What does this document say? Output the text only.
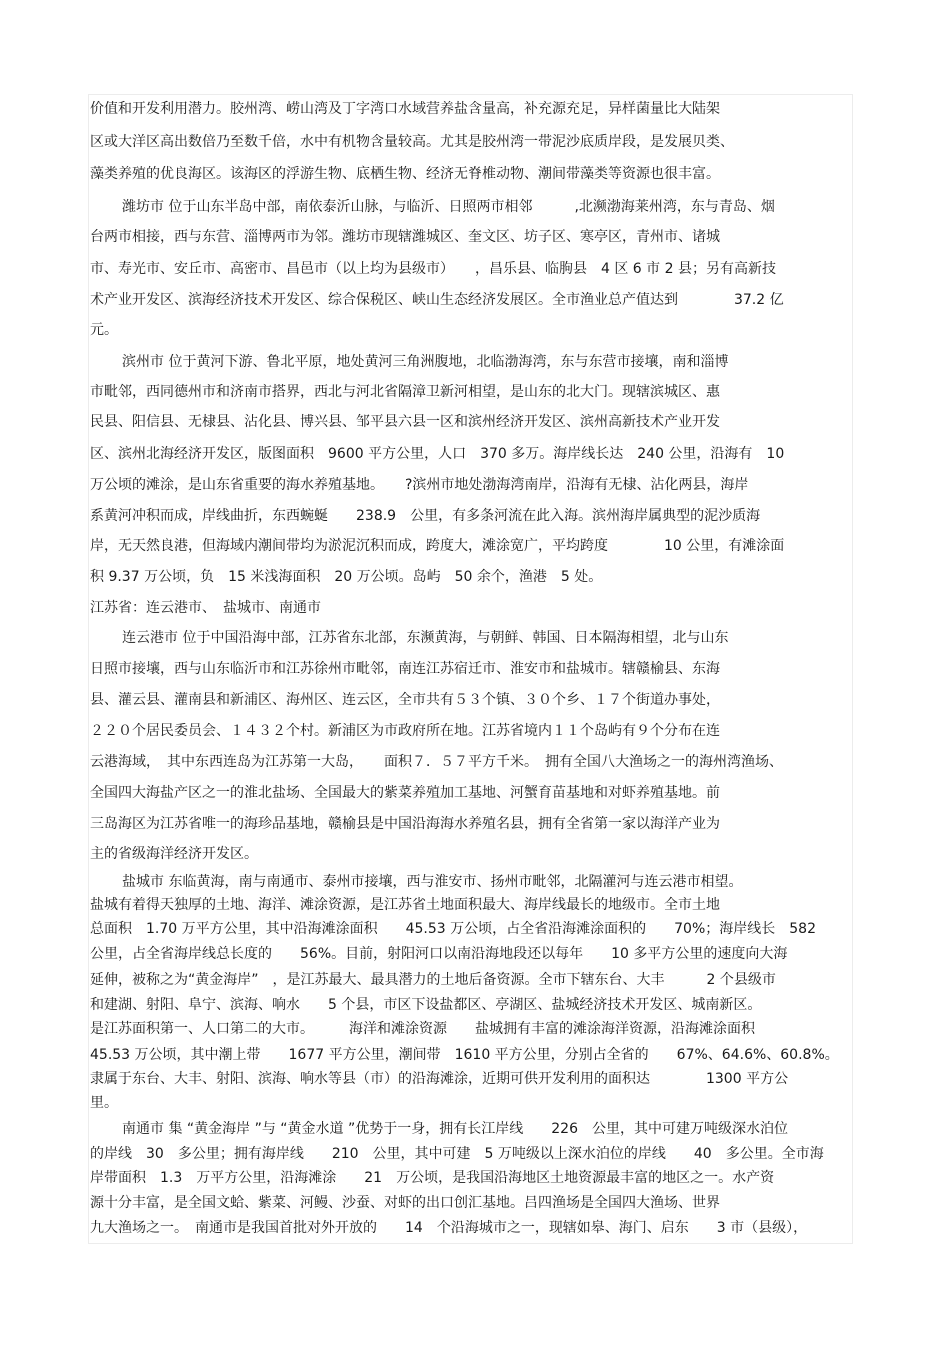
价值和开发利用潜力。胶州湾、崂山湾及丁字湾口水域营养盐含量高，补充源充足，异样菌量比大陆架
区或大洋区高出数倍乃至数千倍，水中有机物含量较高。尤其是胶州湾一带泥沙底质岸段，是发展贝类、
藻类养殖的优良海区。该海区的浮游生物、底栖生物、经济无脊椎动物、潮间带藻类等资源也很丰富。
潍坊市 位于山东半岛中部，南依泰沂山脉，与临沂、日照两市相邻　　　,北濒渤海莱州湾，东与青岛、烟
台两市相接，西与东营、淄博两市为邻。潍坊市现辖潍城区、奎文区、坊子区、寒亭区，青州市、诸城
市、寿光市、安丘市、高密市、昌邑市（以上均为县级市）　　，昌乐县、临朐县　4 区 6 市 2 县；另有高新技
术产业开发区、滨海经济技术开发区、综合保税区、峡山生态经济发展区。全市渔业总产值达到　　　　37.2 亿
元。
滨州市 位于黄河下游、鲁北平原，地处黄河三角洲腹地，北临渤海湾，东与东营市接壤，南和淄博
市毗邻，西同德州市和济南市搭界，西北与河北省隔漳卫新河相望，是山东的北大门。现辖滨城区、惠
民县、阳信县、无棣县、沾化县、博兴县、邹平县六县一区和滨州经济开发区、滨州高新技术产业开发
区、滨州北海经济开发区，版图面积　9600 平方公里，人口　370 多万。海岸线长达　240 公里，沿海有　10
万公顷的滩涂，是山东省重要的海水养殖基地。　　?滨州市地处渤海湾南岸，沿海有无棣、沾化两县，海岸
系黄河冲积而成，岸线曲折，东西蜿蜒　　238.9　公里，有多条河流在此入海。滨州海岸属典型的泥沙质海
岸，无天然良港，但海域内潮间带均为淤泥沉积而成，跨度大，滩涂宽广，平均跨度　　　　10 公里，有滩涂面
积 9.37 万公顷，负　15 米浅海面积　20 万公顷。岛屿　50 余个，渔港　5 处。
江苏省：连云港市、　盐城市、南通市
连云港市 位于中国沿海中部，江苏省东北部，东濒黄海，与朝鲜、韩国、日本隔海相望，北与山东
日照市接壤，西与山东临沂市和江苏徐州市毗邻，南连江苏宿迁市、淮安市和盐城市。辖赣榆县、东海
县、灌云县、灌南县和新浦区、海州区、连云区，全市共有５３个镇、３０个乡、１７个街道办事处，
２２０个居民委员会、１４３２个村。新浦区为市政府所在地。江苏省境内１１个岛屿有９个分布在连
云港海域，　其中东西连岛为江苏第一大岛，　　面积７．５７平方千米。　拥有全国八大渔场之一的海州湾渔场、
全国四大海盐产区之一的淮北盐场、全国最大的紫菜养殖加工基地、河蟹育苗基地和对虾养殖基地。前
三岛海区为江苏省唯一的海珍品基地，赣榆县是中国沿海海水养殖名县，拥有全省第一家以海洋产业为
主的省级海洋经济开发区。
盐城市 东临黄海，南与南通市、泰州市接壤，西与淮安市、扬州市毗邻，北隔灌河与连云港市相望。
盐城有着得天独厚的土地、海洋、滩涂资源，是江苏省土地面积最大、海岸线最长的地级市。全市土地
总面积　1.70 万平方公里，其中沿海滩涂面积　　45.53 万公顷，占全省沿海滩涂面积的　　70%；海岸线长　582
公里，占全省海岸线总长度的　　56%。目前，射阳河口以南沿海地段还以每年　　10 多平方公里的速度向大海
延伸，被称之为“黄金海岸”　，是江苏最大、最具潜力的土地后备资源。全市下辖东台、大丰　　　2 个县级市
和建湖、射阳、阜宁、滨海、响水　　5 个县，市区下设盐都区、亭湖区、盐城经济技术开发区、城南新区。
是江苏面积第一、人口第二的大市。　　　海洋和滩涂资源　　盐城拥有丰富的滩涂海洋资源，沿海滩涂面积
45.53 万公顷，其中潮上带　　1677 平方公里，潮间带　1610 平方公里，分别占全省的　　67%、64.6%、60.8%。
隶属于东台、大丰、射阳、滨海、响水等县（市）的沿海滩涂，近期可供开发利用的面积达　　　　1300 平方公
里。
南通市 集 “黄金海岸 ”与 “黄金水道 ”优势于一身，拥有长江岸线　　226　公里，其中可建万吨级深水泊位
的岸线　30　多公里；拥有海岸线　　210　公里，其中可建　5 万吨级以上深水泊位的岸线　　40　多公里。全市海
岸带面积　1.3　万平方公里，沿海滩涂　　21　万公顷，是我国沿海地区土地资源最丰富的地区之一。水产资
源十分丰富，是全国文蛤、紫菜、河鳗、沙蚕、对虾的出口创汇基地。吕四渔场是全国四大渔场、世界
九大渔场之一。　南通市是我国首批对外开放的　　14　个沿海城市之一，现辖如皋、海门、启东　　3 市（县级），
